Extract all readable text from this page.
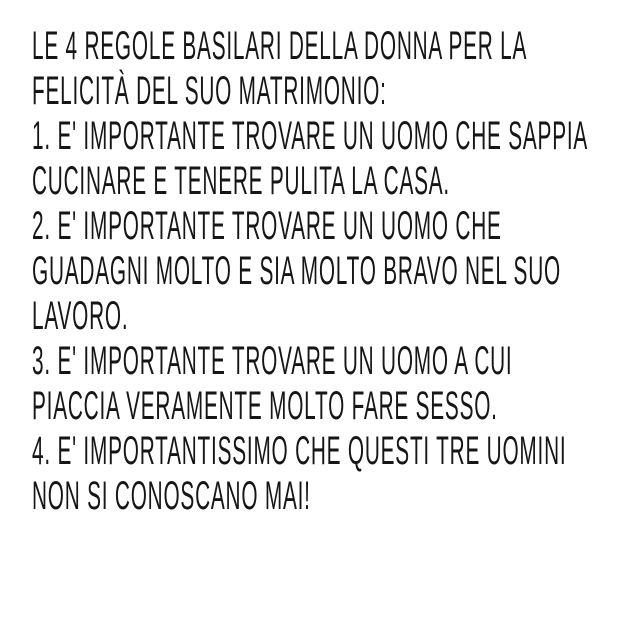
LE 4 REGOLE BASILARI DELLA DONNA PER LA
FELICITÀ DEL SUO MATRIMONIO:
1. E' IMPORTANTE TROVARE UN UOMO CHE SAPPIA
CUCINARE E TENERE PULITA LA CASA.
2. E' IMPORTANTE TROVARE UN UOMO CHE
GUADAGNI MOLTO E SIA MOLTO BRAVO NEL SUO
LAVORO.
3. E' IMPORTANTE TROVARE UN UOMO A CUI
PIACCIA VERAMENTE MOLTO FARE SESSO.
4. E' IMPORTANTISSIMO CHE QUESTI TRE UOMINI
NON SI CONOSCANO MAI!
